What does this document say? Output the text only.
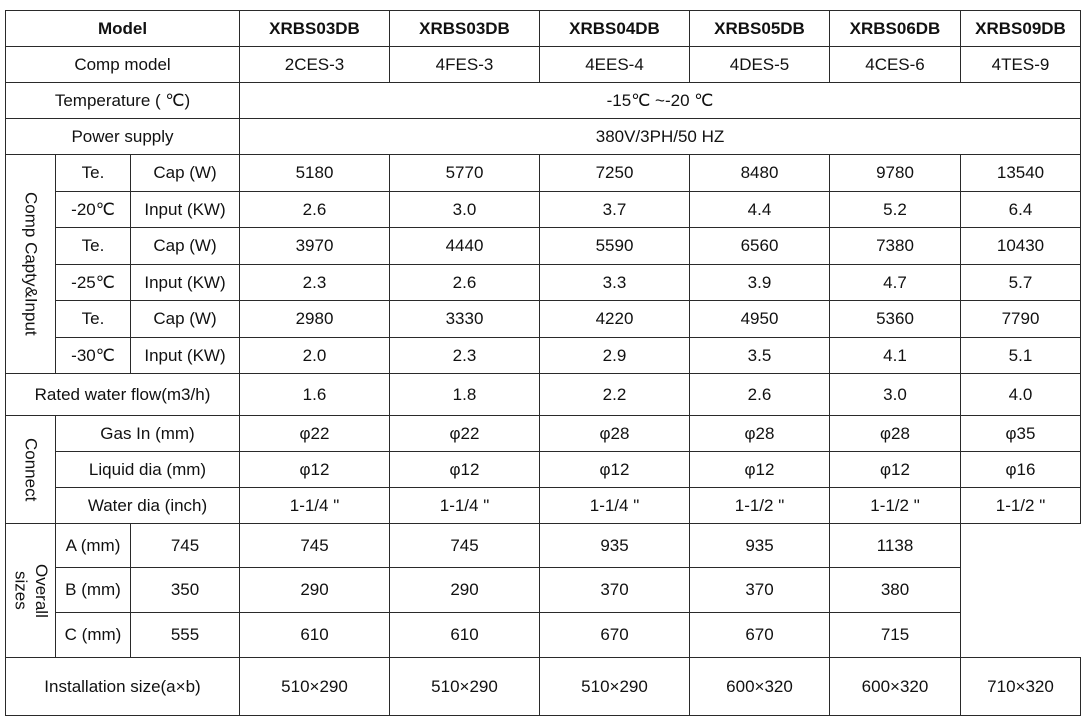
Model			XRBS03DB	XRBS03DB	XRBS04DB	XRBS05DB	XRBS06DB	XRBS09DB
Comp model			2CES-3	4FES-3	4EES-4	4DES-5	4CES-6	4TES-9
Temperature ( ℃)			-15℃ ~-20 ℃					
Power supply			380V/3PH/50 HZ					

Comp Capty&Input	Te.	Cap (W)	5180	5770	7250	8480	9780	13540
	-20℃	Input (KW)	2.6	3.0	3.7	4.4	5.2	6.4
	Te.	Cap (W)	3970	4440	5590	6560	7380	10430
	-25℃	Input (KW)	2.3	2.6	3.3	3.9	4.7	5.7
	Te.	Cap (W)	2980	3330	4220	4950	5360	7790
	-30℃	Input (KW)	2.0	2.3	2.9	3.5	4.1	5.1
Rated water flow(m3/h)			1.6	1.8	2.2	2.6	3.0	4.0

Connect	Gas In (mm)		φ22	φ22	φ28	φ28	φ28	φ35
	Liquid dia (mm)		φ12	φ12	φ12	φ12	φ12	φ16
	Water dia (inch)		1-1/4 "	1-1/4 "	1-1/4 "	1-1/2 "	1-1/2 "	1-1/2 "

Overall
sizes	A (mm)	745	745	745	935	935	1138	
	B (mm)	350	290	290	370	370	380	
	C (mm)	555	610	610	670	670	715	
Installation size(a×b)			510×290	510×290	510×290	600×320	600×320	710×320
